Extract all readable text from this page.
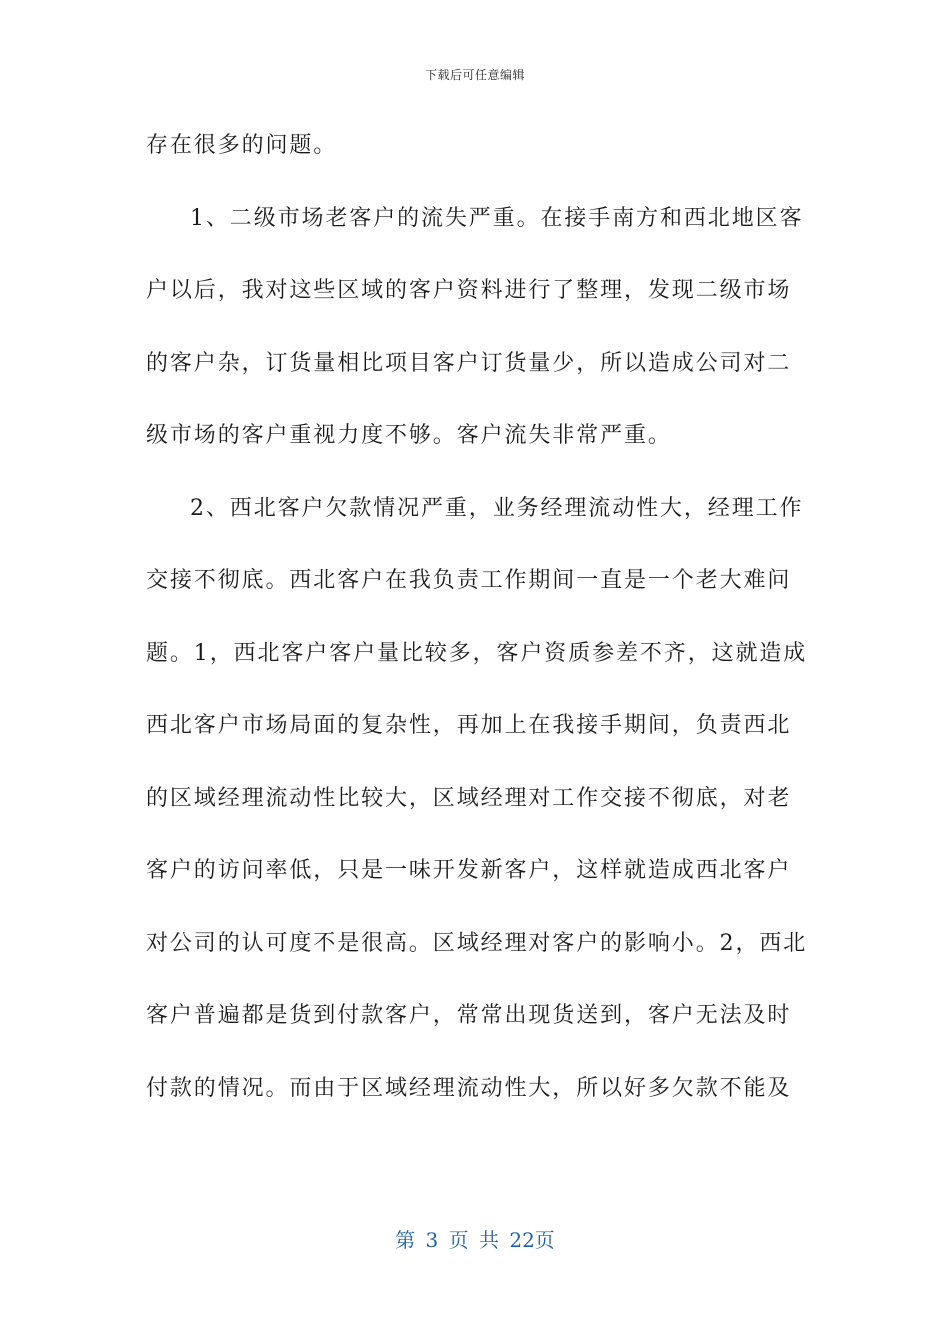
下载后可任意编辑
存在很多的问题。
1、二级市场老客户的流失严重。在接手南方和西北地区客
户以后，我对这些区域的客户资料进行了整理，发现二级市场
的客户杂，订货量相比项目客户订货量少，所以造成公司对二
级市场的客户重视力度不够。客户流失非常严重。
2、西北客户欠款情况严重，业务经理流动性大，经理工作
交接不彻底。西北客户在我负责工作期间一直是一个老大难问
题。1，西北客户客户量比较多，客户资质参差不齐，这就造成
西北客户市场局面的复杂性，再加上在我接手期间，负责西北
的区域经理流动性比较大，区域经理对工作交接不彻底，对老
客户的访问率低，只是一味开发新客户，这样就造成西北客户
对公司的认可度不是很高。区域经理对客户的影响小。2，西北
客户普遍都是货到付款客户，常常出现货送到，客户无法及时
付款的情况。而由于区域经理流动性大，所以好多欠款不能及
第 3 页 共 22页
